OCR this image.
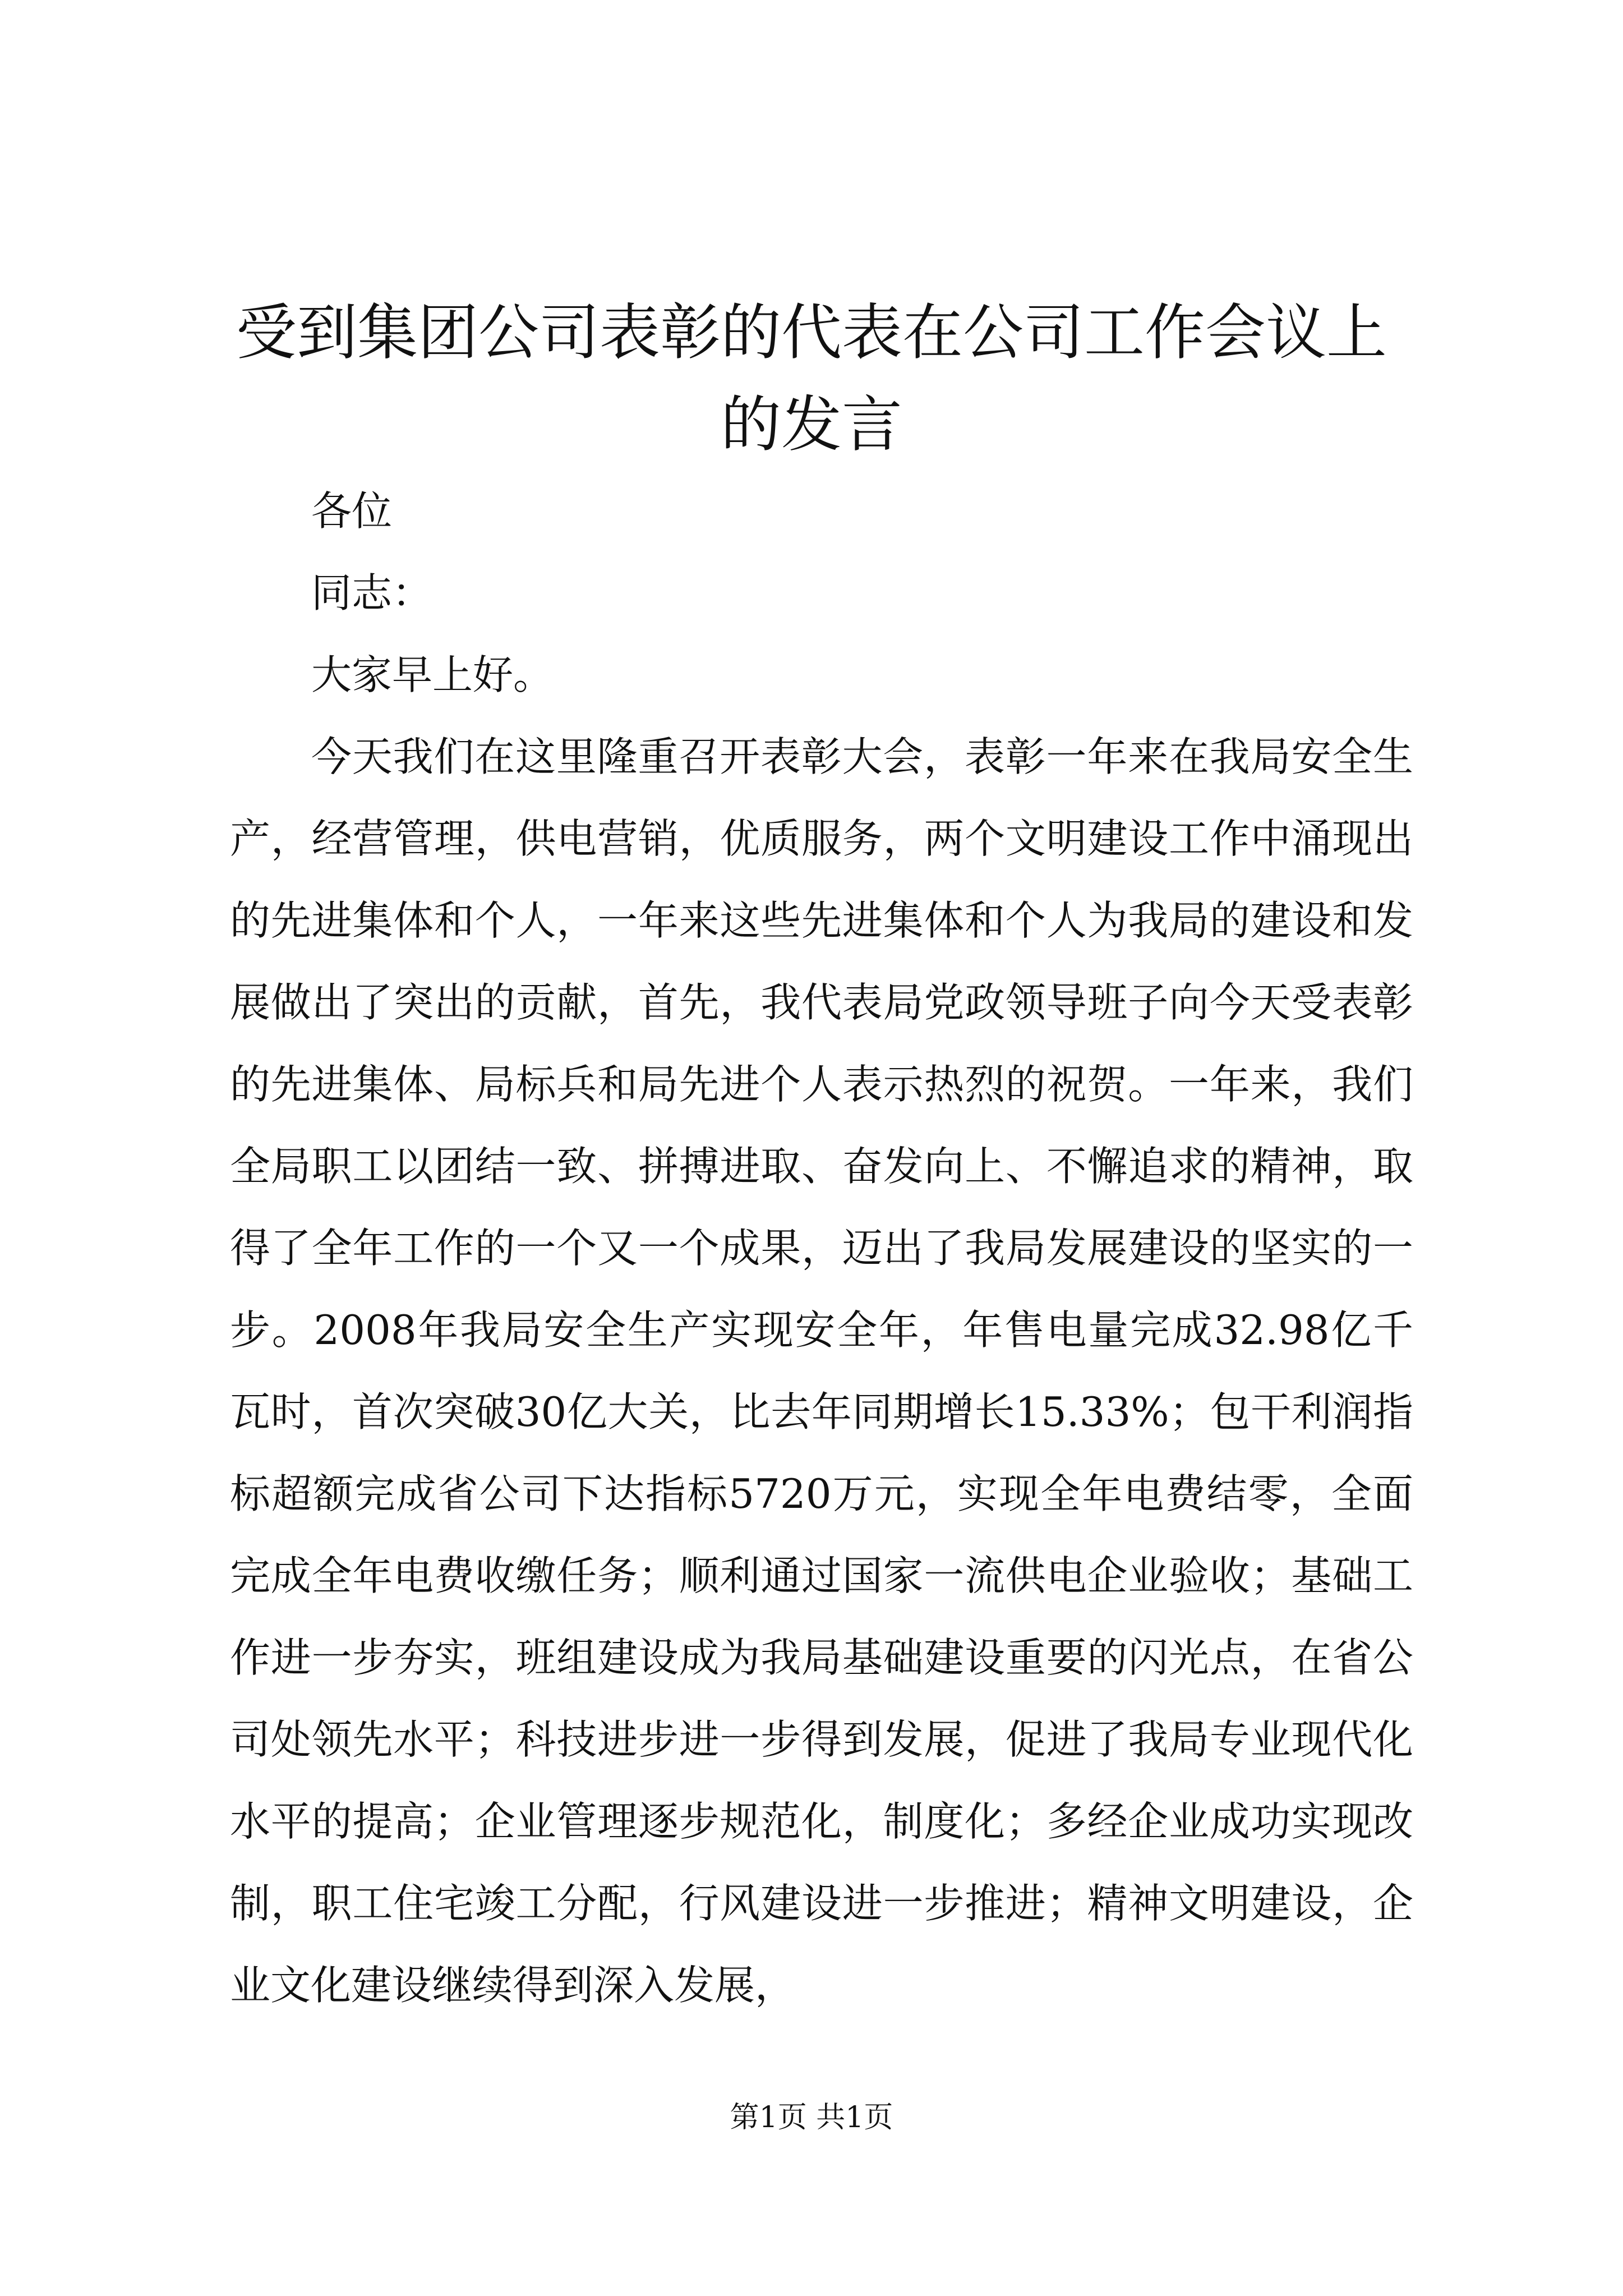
受到集团公司表彰的代表在公司工作会议上的发言

各位

同志：

大家早上好。

今天我们在这里隆重召开表彰大会，表彰一年来在我局安全生产，经营管理，供电营销，优质服务，两个文明建设工作中涌现出的先进集体和个人，一年来这些先进集体和个人为我局的建设和发展做出了突出的贡献，首先，我代表局党政领导班子向今天受表彰的先进集体、局标兵和局先进个人表示热烈的祝贺。一年来，我们全局职工以团结一致、拼搏进取、奋发向上、不懈追求的精神，取得了全年工作的一个又一个成果，迈出了我局发展建设的坚实的一步。2008年我局安全生产实现安全年，年售电量完成32.98亿千瓦时，首次突破30亿大关，比去年同期增长15.33%；包干利润指标超额完成省公司下达指标5720万元，实现全年电费结零，全面完成全年电费收缴任务；顺利通过国家一流供电企业验收；基础工作进一步夯实，班组建设成为我局基础建设重要的闪光点，在省公司处领先水平；科技进步进一步得到发展，促进了我局专业现代化水平的提高；企业管理逐步规范化，制度化；多经企业成功实现改制，职工住宅竣工分配，行风建设进一步推进；精神文明建设，企业文化建设继续得到深入发展，

第1页 共1页
